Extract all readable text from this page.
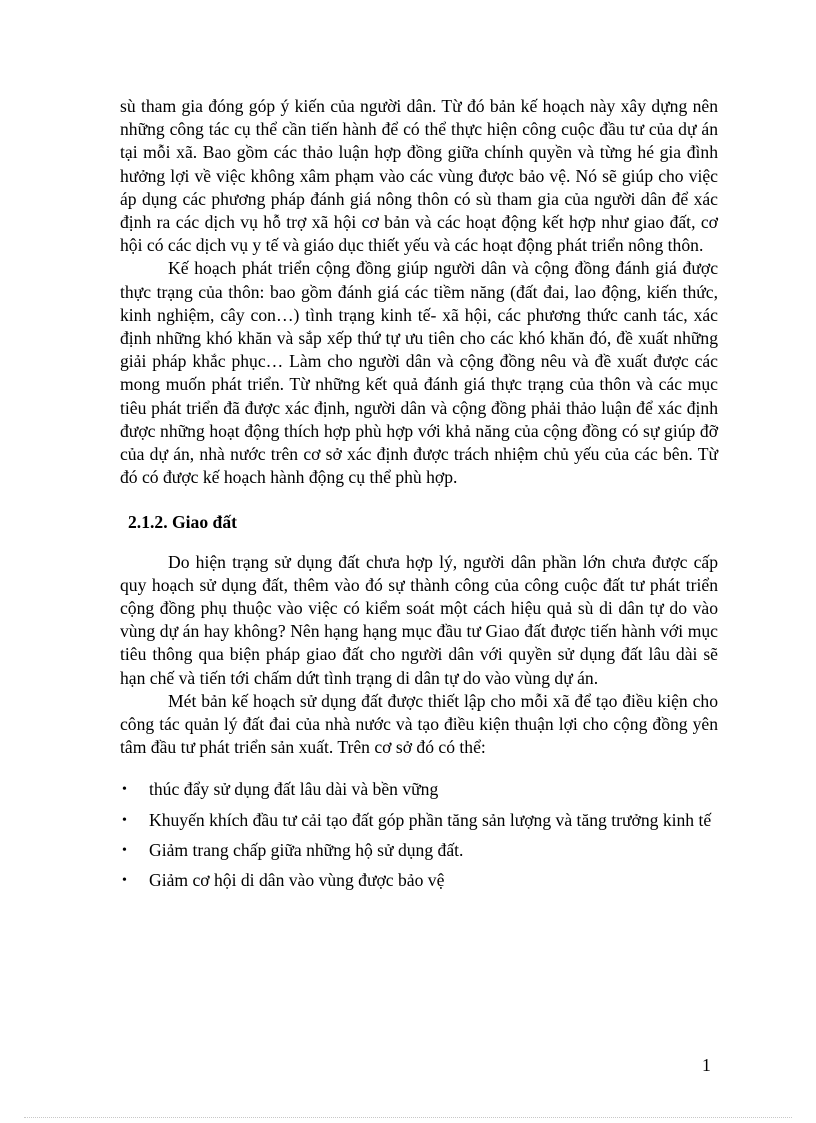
sù tham gia đóng góp ý kiến của người dân. Từ đó bản kế hoạch này xây dựng nên những công tác cụ thể cần tiến hành để có thể thực hiện công cuộc đầu tư của dự án tại mỗi xã. Bao gồm các thảo luận hợp đồng giữa chính quyền và từng hé gia đình hưởng lợi về việc không xâm phạm vào các vùng được bảo vệ. Nó sẽ giúp cho việc áp dụng các phương pháp đánh giá nông thôn có sù tham gia của người dân để xác định ra các dịch vụ hỗ trợ xã hội cơ bản và các hoạt động kết hợp như giao đất, cơ hội có các dịch vụ y tế và giáo dục thiết yếu và các hoạt động phát triển nông thôn.

Kế hoạch phát triển cộng đồng giúp người dân và cộng đồng đánh giá được thực trạng của thôn: bao gồm đánh giá các tiềm năng (đất đai, lao động, kiến thức, kinh nghiệm, cây con…) tình trạng kinh tế- xã hội, các phương thức canh tác, xác định những khó khăn và sắp xếp thứ tự ưu tiên cho các khó khăn đó, đề xuất những giải pháp khắc phục… Làm cho người dân và cộng đồng nêu và đề xuất được các mong muốn phát triển. Từ những kết quả đánh giá thực trạng của thôn và các mục tiêu phát triển đã được xác định, người dân và cộng đồng phải thảo luận để xác định được những hoạt động thích hợp phù hợp với khả năng của cộng đồng có sự giúp đỡ của dự án, nhà nước trên cơ sở xác định được trách nhiệm chủ yếu của các bên. Từ đó có được kế hoạch hành động cụ thể phù hợp.

2.1.2. Giao đất

Do hiện trạng sử dụng đất chưa hợp lý, người dân phần lớn chưa được cấp quy hoạch sử dụng đất, thêm vào đó sự thành công của công cuộc đất tư phát triển cộng đồng phụ thuộc vào việc có kiểm soát một cách hiệu quả sù di dân tự do vào vùng dự án hay không? Nên hạng hạng mục đầu tư Giao đất được tiến hành với mục tiêu thông qua biện pháp giao đất cho người dân với quyền sử dụng đất lâu dài sẽ hạn chế và tiến tới chấm dứt tình trạng di dân tự do vào vùng dự án.

Mét bản kế hoạch sử dụng đất được thiết lập cho mỗi xã để tạo điều kiện cho công tác quản lý đất đai của nhà nước và tạo điều kiện thuận lợi cho cộng đồng yên tâm đầu tư phát triển sản xuất. Trên cơ sở đó có thể:

• thúc đẩy sử dụng đất lâu dài và bền vững
• Khuyến khích đầu tư cải tạo đất góp phần tăng sản lượng và tăng trưởng kinh tế
• Giảm trang chấp giữa những hộ sử dụng đất.
• Giảm cơ hội di dân vào vùng được bảo vệ
1
